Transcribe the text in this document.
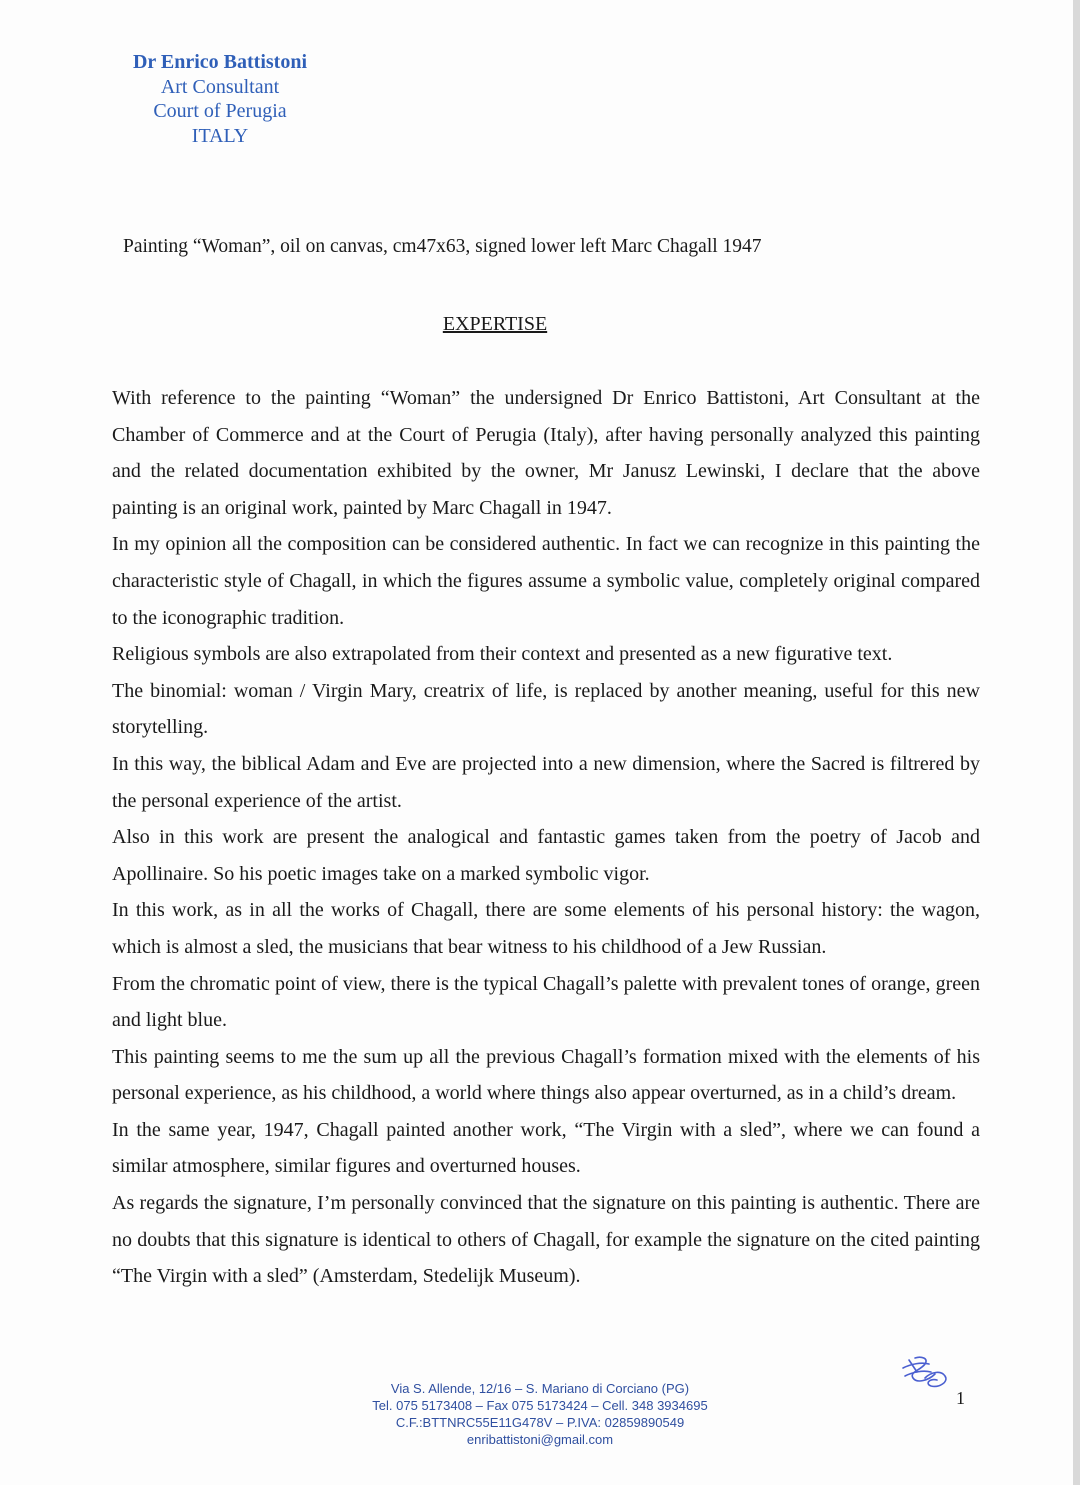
Dr Enrico Battistoni
Art Consultant
Court of Perugia
ITALY
Painting “Woman”, oil on canvas, cm47x63, signed lower left Marc Chagall 1947
EXPERTISE

With reference to the painting “Woman” the undersigned Dr Enrico Battistoni, Art Consultant at the Chamber of Commerce and at the Court of Perugia (Italy), after having personally analyzed this painting and the related documentation exhibited by the owner, Mr Janusz Lewinski, I declare that the above painting is an original work, painted by Marc Chagall in 1947.

In my opinion all the composition can be considered authentic. In fact we can recognize in this painting the characteristic style of Chagall, in which the figures assume a symbolic value, completely original compared to the iconographic tradition.

Religious symbols are also extrapolated from their context and presented as a new figurative text.

The binomial: woman / Virgin Mary, creatrix of life, is replaced by another meaning, useful for this new storytelling.

In this way, the biblical Adam and Eve are projected into a new dimension, where the Sacred is filtrered by the personal experience of the artist.

Also in this work are present the analogical and fantastic games taken from the poetry of Jacob and Apollinaire. So his poetic images take on a marked symbolic vigor.

In this work, as in all the works of Chagall, there are some elements of his personal history: the wagon, which is almost a sled, the musicians that bear witness to his childhood of a Jew Russian.

From the chromatic point of view, there is the typical Chagall’s palette with prevalent tones of orange, green and light blue.

This painting seems to me the sum up all the previous Chagall’s formation mixed with the elements of his personal experience, as his childhood, a world where things also appear overturned, as in a child’s dream.

In the same year, 1947, Chagall painted another work, “The Virgin with a sled”, where we can found a similar atmosphere, similar figures and overturned houses.

As regards the signature, I’m personally convinced that the signature on this painting is authentic. There are no doubts that this signature is identical to others of Chagall, for example the signature on the cited painting “The Virgin with a sled” (Amsterdam, Stedelijk Museum).

Via S. Allende, 12/16 – S. Mariano di Corciano (PG)
Tel. 075 5173408 – Fax 075 5173424 – Cell. 348 3934695
C.F.:BTTNRC55E11G478V – P.IVA: 02859890549
enribattistoni@gmail.com
1
